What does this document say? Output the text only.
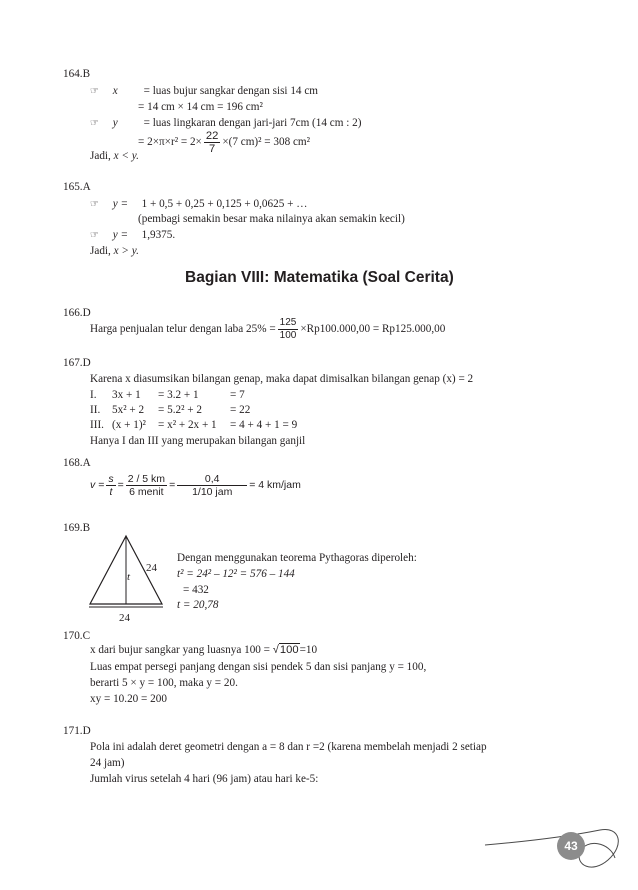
164.B
☞ x = luas bujur sangkar dengan sisi 14 cm
= 14 cm × 14 cm = 196 cm²
☞ y = luas lingkaran dengan jari-jari 7cm (14 cm : 2)
= $2\times\pi\times r^2 = 2\times \frac{22}{7} \times(7$ cm)² = 308 cm²
Jadi, x < y.
165.A
☞ y = 1 + 0,5 + 0,25 + 0,125 + 0,0625 + …
(pembagi semakin besar maka nilainya akan semakin kecil)
☞ y = 1,9375.
Jadi, x > y.
Bagian VIII: Matematika (Soal Cerita)
166.D
Harga penjualan telur dengan laba $25\% = \frac{125}{100} \times Rp100.000,00 = Rp125.000,00$
167.D
Karena x diasumsikan bilangan genap, maka dapat dimisalkan bilangan genap (x) = 2
I. 3x + 1 = 3.2 + 1	= 7
II. 5x² + 2 = 5.2² + 2	= 22
III. (x + 1)² = x² + 2x + 1 = 4 + 4 + 1 = 9
Hanya I dan III yang merupakan bilangan ganjil
168.A
$v = \frac{s}{t} = \frac{2 / 5 km}{\text{6 menit}} = \frac{0,4}{\text{1/10 jam}} = 4$ km/jam
169.B
24
t
24
Dengan menggunakan teorema Pythagoras diperoleh:
t² = 24² – 12² = 576 – 144
= 432
t = 20,78
170.C
x dari bujur sangkar yang luasnya 100 = √100=10
Luas empat persegi panjang dengan sisi pendek 5 dan sisi panjang y = 100,
berarti 5 × y = 100, maka y = 20.
xy = 10.20 = 200
171.D
Pola ini adalah deret geometri dengan a = 8 dan r =2 (karena membelah menjadi 2 setiap
24 jam)
Jumlah virus setelah 4 hari (96 jam) atau hari ke-5:
43
